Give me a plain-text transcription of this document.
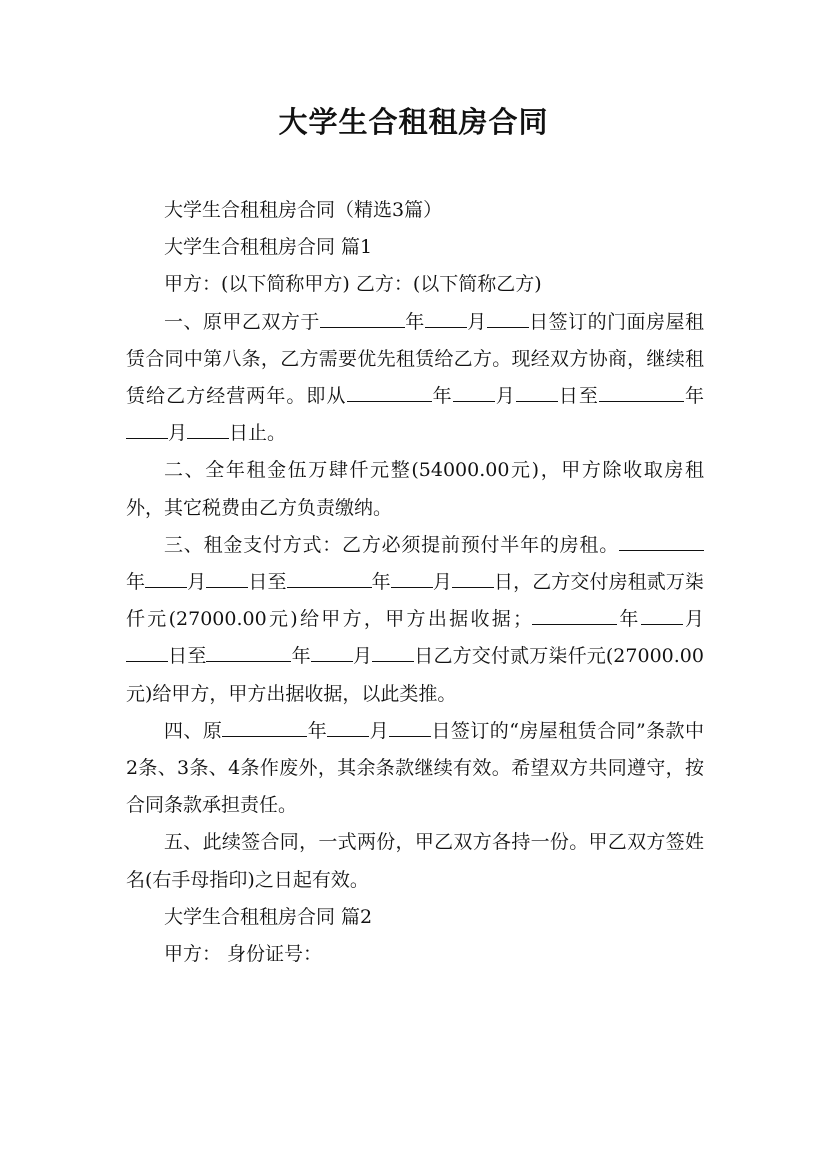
大学生合租租房合同

大学生合租租房合同（精选3篇）

大学生合租租房合同 篇1

甲方：(以下简称甲方) 乙方：(以下简称乙方)

一、原甲乙双方于	年 月 日签订的门面房屋租赁合同中第八条，乙方需要优先租赁给乙方。现经双方协商，继续租赁给乙方经营两年。即从	年 月 日至	年月 日止。

二、全年租金伍万肆仟元整(54000.00元)，甲方除收取房租外，其它税费由乙方负责缴纳。

三、租金支付方式：乙方必须提前预付半年的房租。年 月 日至	年 月 日，乙方交付房租贰万柒仟元(27000.00元)给甲方，甲方出据收据；	年 月日至	年 月 日乙方交付贰万柒仟元(27000.00元)给甲方，甲方出据收据，以此类推。

四、原	年 月 日签订的“房屋租赁合同”条款中2条、3条、4条作废外，其余条款继续有效。希望双方共同遵守，按合同条款承担责任。

五、此续签合同，一式两份，甲乙双方各持一份。甲乙双方签姓名(右手母指印)之日起有效。

大学生合租租房合同 篇2

甲方： 身份证号：
